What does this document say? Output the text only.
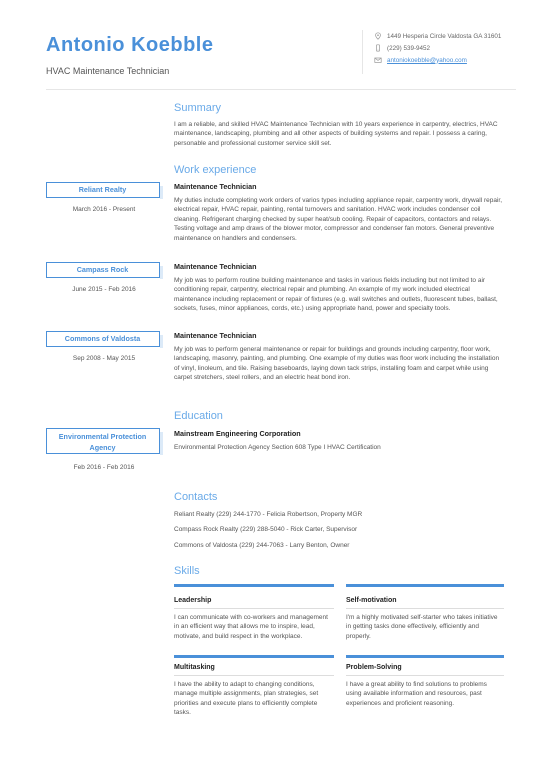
Antonio Koebble
HVAC Maintenance Technician
1449 Hesperia Circle Valdosta GA 31601
(229) 539-9452
antoniokoebble@yahoo.com
Summary
I am a reliable, and skilled HVAC Maintenance Technician with 10 years experience in carpentry, electrics, HVAC maintenance, landscaping, plumbing and all other aspects of building systems and repair. I possess a caring, personable and professional customer service skill set.
Work experience
Reliant Realty
March 2016 - Present
Maintenance Technician
My duties include completing work orders of varios types including appliance repair, carpentry work, drywall repair, electrical repair, HVAC repair, painting, rental turnovers and sanitation. HVAC work includes condenser coil cleaning. Refrigerant charging checked by super heat/sub cooling. Repair of capacitors, contactors and relays. Testing voltage and amp draws of the blower motor, compressor and condenser fan motors. General preventive maintenance on handlers and condensers.
Campass Rock
June 2015 - Feb 2016
Maintenance Technician
My job was to perform routine building maintenance and tasks in various fields including but not limited to air conditioning repair, carpentry, electrical repair and plumbing. An example of my work included electrical maintenance including replacement or repair of fixtures (e.g. wall switches and outlets, fluorescent tubes, ballast, sockets, fuses, minor appliances, cords, etc.) using appropriate hand, power and specialty tools.
Commons of Valdosta
Sep 2008 - May 2015
Maintenance Technician
My job was to perform general maintenance or repair for buildings and grounds including carpentry, floor work, landscaping, masonry, painting, and plumbing. One example of my duties was floor work including the installation of vinyl, linoleum, and tile. Raising baseboards, laying down tack strips, installing foam and carpet while using carpet stretchers, steel rollers, and an electric heat bond iron.
Education
Environmental Protection Agency
Feb 2016 - Feb 2016
Mainstream Engineering Corporation
Environmental Protection Agency Section 608 Type I HVAC Certification
Contacts
Reliant Realty (229) 244-1770 - Felicia Robertson, Property MGR
Compass Rock Realty (229) 288-5040 - Rick Carter, Supervisor
Commons of Valdosta (229) 244-7063 - Larry Benton, Owner
Skills
Leadership
I can communicate with co-workers and management in an efficient way that allows me to inspire, lead, motivate, and build respect in the workplace.
Self-motivation
I'm a highly motivated self-starter who takes initiative in getting tasks done effectively, efficiently and properly.
Multitasking
I have the ability to adapt to changing conditions, manage multiple assignments, plan strategies, set priorities and execute plans to efficiently complete tasks.
Problem-Solving
I have a great ability to find solutions to problems using available information and resources, past experiences and proficient reasoning.
